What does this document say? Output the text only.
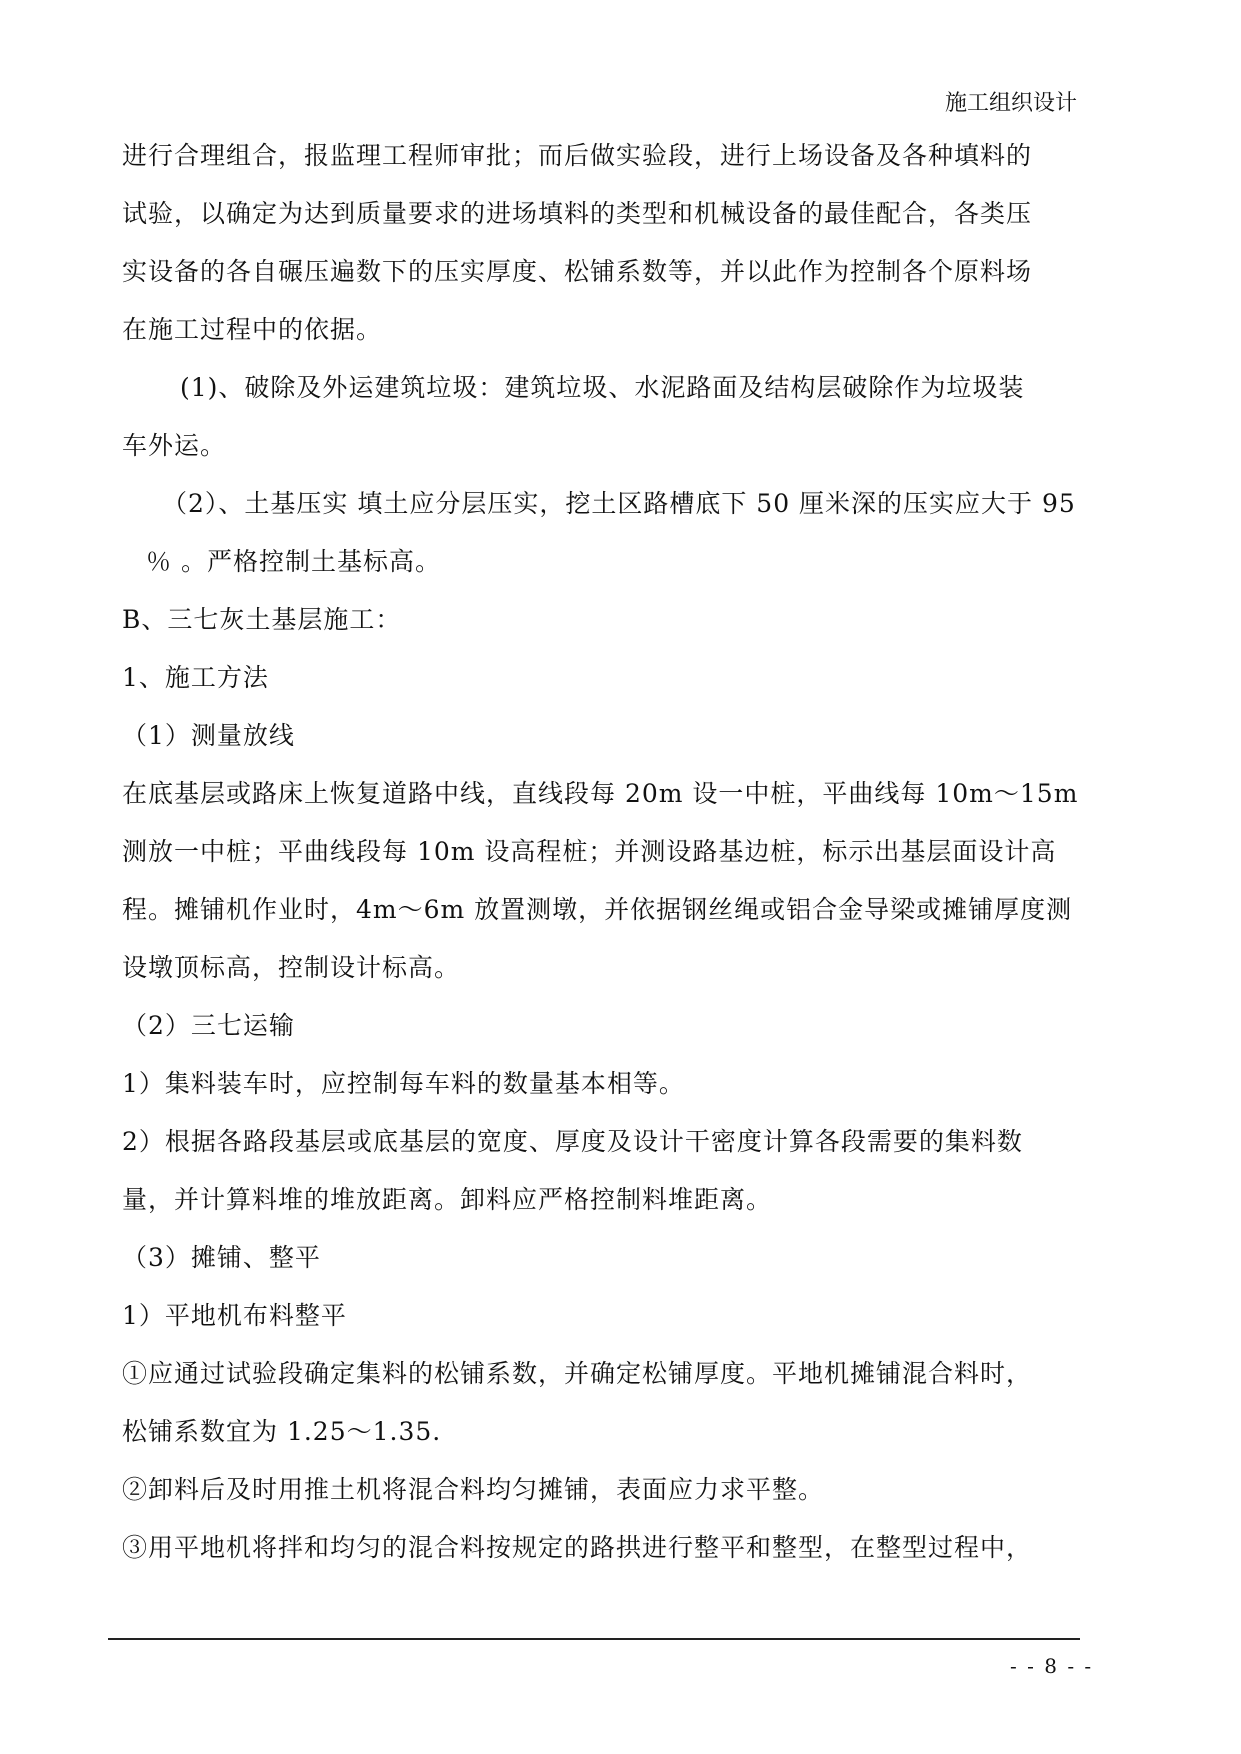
施工组织设计
进行合理组合，报监理工程师审批；而后做实验段，进行上场设备及各种填料的
试验，以确定为达到质量要求的进场填料的类型和机械设备的最佳配合，各类压
实设备的各自碾压遍数下的压实厚度、松铺系数等，并以此作为控制各个原料场
在施工过程中的依据。
(1)、破除及外运建筑垃圾：建筑垃圾、水泥路面及结构层破除作为垃圾装
车外运。
（2）、土基压实 填土应分层压实，挖土区路槽底下 50 厘米深的压实应大于 95
％ 。严格控制土基标高。
B、三七灰土基层施工：
1、施工方法
（1）测量放线
在底基层或路床上恢复道路中线，直线段每 20m 设一中桩，平曲线每 10m～15m
测放一中桩；平曲线段每 10m 设高程桩；并测设路基边桩，标示出基层面设计高
程。摊铺机作业时，4m～6m 放置测墩，并依据钢丝绳或铝合金导梁或摊铺厚度测
设墩顶标高，控制设计标高。
（2）三七运输
1）集料装车时，应控制每车料的数量基本相等。
2）根据各路段基层或底基层的宽度、厚度及设计干密度计算各段需要的集料数
量，并计算料堆的堆放距离。卸料应严格控制料堆距离。
（3）摊铺、整平
1）平地机布料整平
①应通过试验段确定集料的松铺系数，并确定松铺厚度。平地机摊铺混合料时，
松铺系数宜为 1.25～1.35.
②卸料后及时用推土机将混合料均匀摊铺，表面应力求平整。
③用平地机将拌和均匀的混合料按规定的路拱进行整平和整型，在整型过程中，
- - 8 - -
